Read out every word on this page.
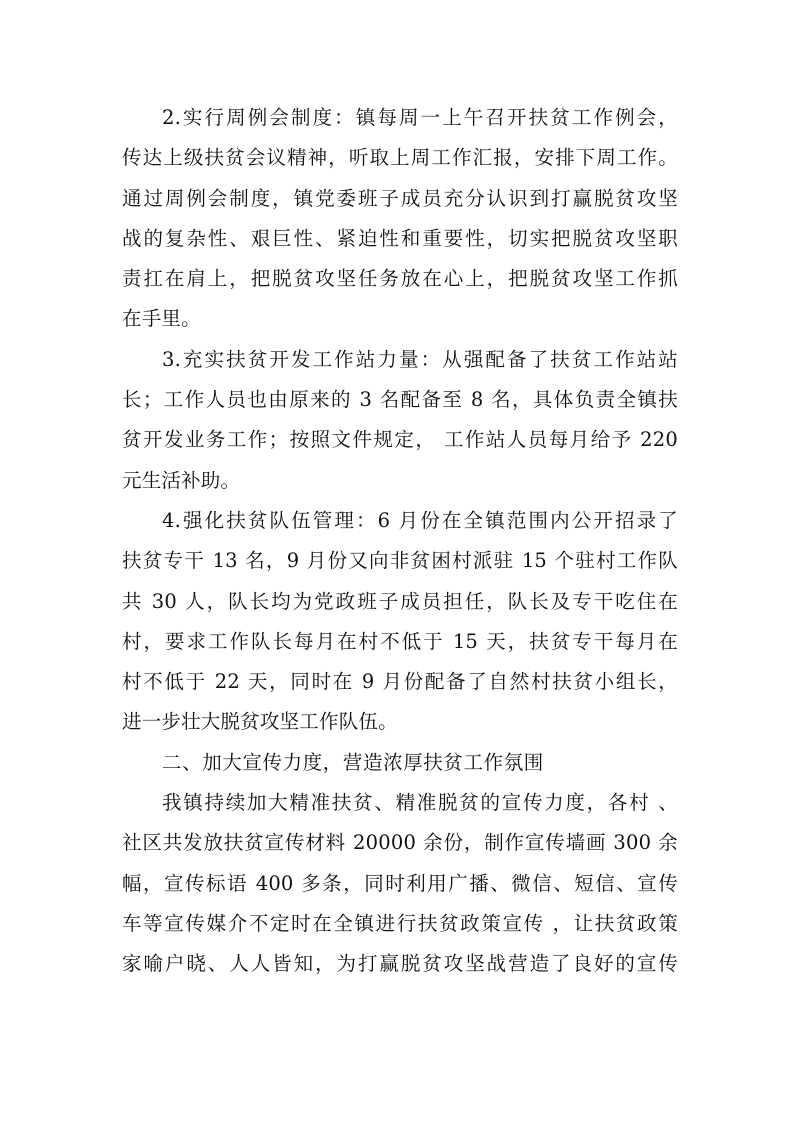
2.实行周例会制度：镇每周一上午召开扶贫工作例会，
传达上级扶贫会议精神，听取上周工作汇报，安排下周工作。
通过周例会制度，镇党委班子成员充分认识到打赢脱贫攻坚
战的复杂性、艰巨性、紧迫性和重要性，切实把脱贫攻坚职
责扛在肩上，把脱贫攻坚任务放在心上，把脱贫攻坚工作抓
在手里。
3.充实扶贫开发工作站力量：从强配备了扶贫工作站站
长；工作人员也由原来的 3 名配备至 8 名，具体负责全镇扶
贫开发业务工作；按照文件规定， 工作站人员每月给予 220
元生活补助。
4.强化扶贫队伍管理：6 月份在全镇范围内公开招录了
扶贫专干 13 名，9 月份又向非贫困村派驻 15 个驻村工作队
共 30 人，队长均为党政班子成员担任，队长及专干吃住在
村，要求工作队长每月在村不低于 15 天，扶贫专干每月在
村不低于 22 天，同时在 9 月份配备了自然村扶贫小组长，
进一步壮大脱贫攻坚工作队伍。
二、加大宣传力度，营造浓厚扶贫工作氛围
我镇持续加大精准扶贫、精准脱贫的宣传力度，各村 、
社区共发放扶贫宣传材料 20000 余份，制作宣传墙画 300 余
幅，宣传标语 400 多条，同时利用广播、微信、短信、宣传
车等宣传媒介不定时在全镇进行扶贫政策宣传 ，让扶贫政策
家喻户晓、人人皆知，为打赢脱贫攻坚战营造了良好的宣传
